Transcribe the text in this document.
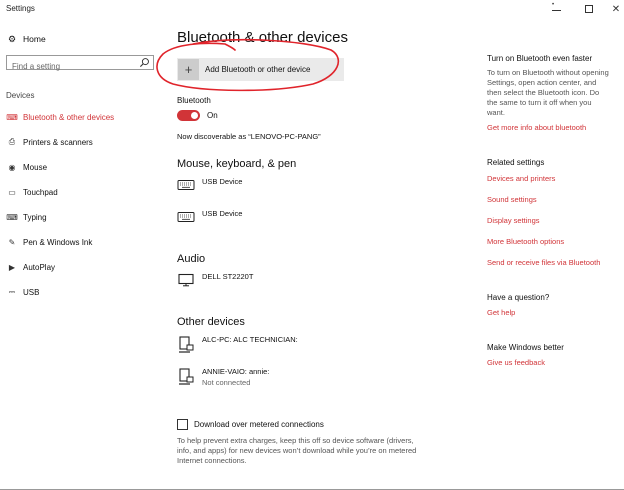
Settings	•	✕
⚙ Home
Find a setting
Devices
⌨ Bluetooth & other devices
⎙ Printers & scanners
◉ Mouse
▭ Touchpad
⌨ Typing
✎ Pen & Windows Ink
▶ AutoPlay
⎓ USB
Bluetooth & other devices
+	Add Bluetooth or other device
Bluetooth
On
Now discoverable as “LENOVO-PC-PANG”
Mouse, keyboard, & pen
USB Device
USB Device
Audio
DELL ST2220T
Other devices
ALC-PC: ALC TECHNICIAN:
ANNIE-VAIO: annie:
Not connected
Download over metered connections
To help prevent extra charges, keep this off so device software (drivers, info, and apps) for new devices won’t download while you’re on metered Internet connections.
Turn on Bluetooth even faster
To turn on Bluetooth without opening Settings, open action center, and then select the Bluetooth icon. Do the same to turn it off when you want.
Get more info about bluetooth
Related settings
Devices and printers
Sound settings
Display settings
More Bluetooth options
Send or receive files via Bluetooth
Have a question?
Get help
Make Windows better
Give us feedback
